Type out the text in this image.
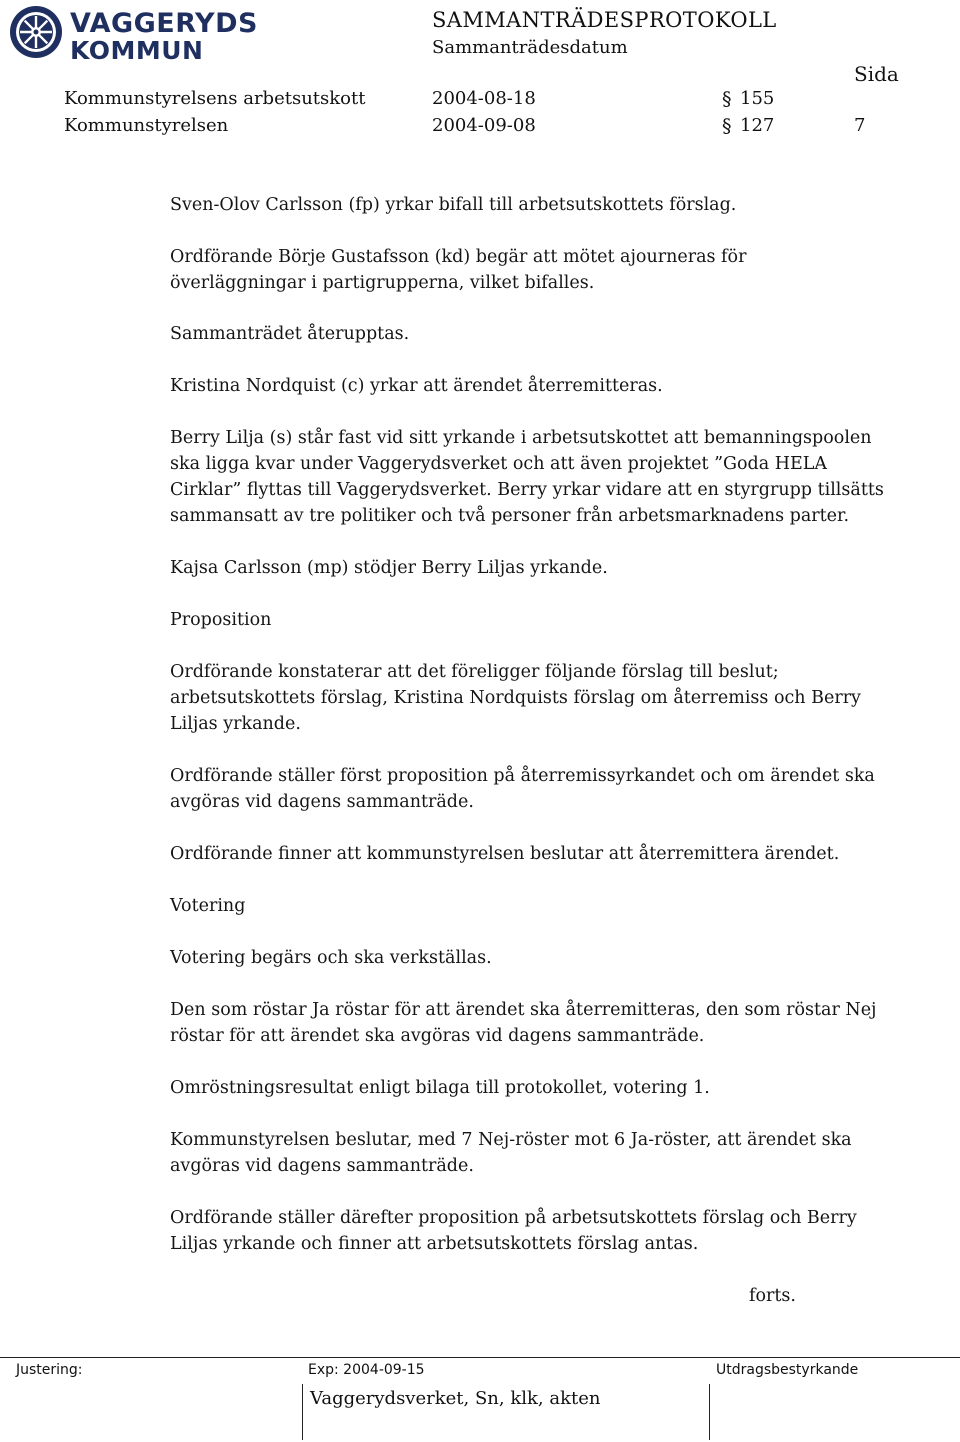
VAGGERYDS
KOMMUN
SAMMANTRÄDESPROTOKOLL
Sammanträdesdatum
Sida
Kommunstyrelsens arbetsutskott	2004-08-18	§ 155
Kommunstyrelsen	2004-09-08	§ 127	7
Sven-Olov Carlsson (fp) yrkar bifall till arbetsutskottets förslag.
Ordförande Börje Gustafsson (kd) begär att mötet ajourneras för
överläggningar i partigrupperna, vilket bifalles.
Sammanträdet återupptas.
Kristina Nordquist (c) yrkar att ärendet återremitteras.
Berry Lilja (s) står fast vid sitt yrkande i arbetsutskottet att bemanningspoolen
ska ligga kvar under Vaggerydsverket och att även projektet ”Goda HELA
Cirklar” flyttas till Vaggerydsverket. Berry yrkar vidare att en styrgrupp tillsätts
sammansatt av tre politiker och två personer från arbetsmarknadens parter.
Kajsa Carlsson (mp) stödjer Berry Liljas yrkande.
Proposition
Ordförande konstaterar att det föreligger följande förslag till beslut;
arbetsutskottets förslag, Kristina Nordquists förslag om återremiss och Berry
Liljas yrkande.
Ordförande ställer först proposition på återremissyrkandet och om ärendet ska
avgöras vid dagens sammanträde.
Ordförande finner att kommunstyrelsen beslutar att återremittera ärendet.
Votering
Votering begärs och ska verkställas.
Den som röstar Ja röstar för att ärendet ska återremitteras, den som röstar Nej
röstar för att ärendet ska avgöras vid dagens sammanträde.
Omröstningsresultat enligt bilaga till protokollet, votering 1.
Kommunstyrelsen beslutar, med 7 Nej-röster mot 6 Ja-röster, att ärendet ska
avgöras vid dagens sammanträde.
Ordförande ställer därefter proposition på arbetsutskottets förslag och Berry
Liljas yrkande och finner att arbetsutskottets förslag antas.
forts.
Justering:	Exp: 2004-09-15	Utdragsbestyrkande
Vaggerydsverket, Sn, klk, akten
